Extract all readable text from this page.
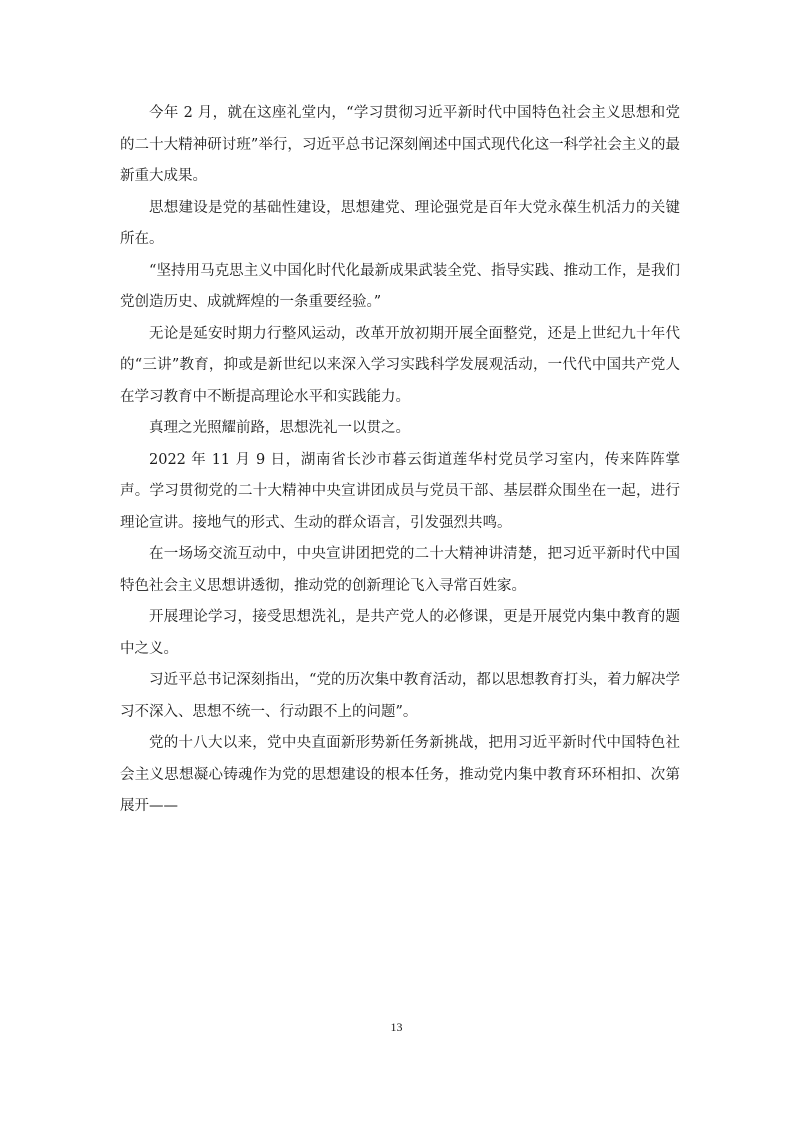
今年 2 月，就在这座礼堂内，“学习贯彻习近平新时代中国特色社会主义思想和党的二十大精神研讨班”举行，习近平总书记深刻阐述中国式现代化这一科学社会主义的最新重大成果。

思想建设是党的基础性建设，思想建党、理论强党是百年大党永葆生机活力的关键所在。

“坚持用马克思主义中国化时代化最新成果武装全党、指导实践、推动工作，是我们党创造历史、成就辉煌的一条重要经验。”

无论是延安时期力行整风运动，改革开放初期开展全面整党，还是上世纪九十年代的“三讲”教育，抑或是新世纪以来深入学习实践科学发展观活动，一代代中国共产党人在学习教育中不断提高理论水平和实践能力。

真理之光照耀前路，思想洗礼一以贯之。

2022 年 11 月 9 日，湖南省长沙市暮云街道莲华村党员学习室内，传来阵阵掌声。学习贯彻党的二十大精神中央宣讲团成员与党员干部、基层群众围坐在一起，进行理论宣讲。接地气的形式、生动的群众语言，引发强烈共鸣。

在一场场交流互动中，中央宣讲团把党的二十大精神讲清楚，把习近平新时代中国特色社会主义思想讲透彻，推动党的创新理论飞入寻常百姓家。

开展理论学习，接受思想洗礼，是共产党人的必修课，更是开展党内集中教育的题中之义。

习近平总书记深刻指出，“党的历次集中教育活动，都以思想教育打头，着力解决学习不深入、思想不统一、行动跟不上的问题”。

党的十八大以来，党中央直面新形势新任务新挑战，把用习近平新时代中国特色社会主义思想凝心铸魂作为党的思想建设的根本任务，推动党内集中教育环环相扣、次第展开——

13
